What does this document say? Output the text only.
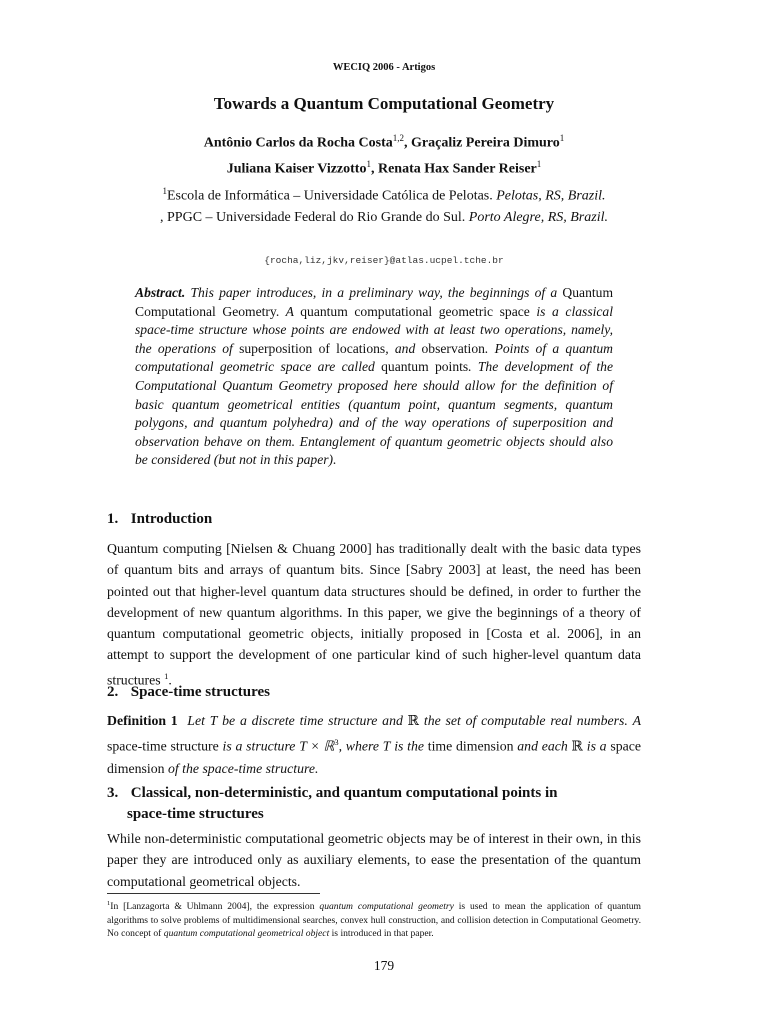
WECIQ 2006 - Artigos
Towards a Quantum Computational Geometry
Antônio Carlos da Rocha Costa$^{1,2}$, Graçaliz Pereira Dimuro$^1$
Juliana Kaiser Vizzotto$^1$, Renata Hax Sander Reiser$^1$
$^1$Escola de Informática – Universidade Católica de Pelotas. Pelotas, RS, Brazil.
, PPGC – Universidade Federal do Rio Grande do Sul. Porto Alegre, RS, Brazil.
{rocha,liz,jkv,reiser}@atlas.ucpel.tche.br
Abstract. This paper introduces, in a preliminary way, the beginnings of a Quantum Computational Geometry. A quantum computational geometric space is a classical space-time structure whose points are endowed with at least two operations, namely, the operations of superposition of locations, and observation. Points of a quantum computational geometric space are called quantum points. The development of the Computational Quantum Geometry proposed here should allow for the definition of basic quantum geometrical entities (quantum point, quantum segments, quantum polygons, and quantum polyhedra) and of the way operations of superposition and observation behave on them. Entanglement of quantum geometric objects should also be considered (but not in this paper).
1. Introduction
Quantum computing [Nielsen & Chuang 2000] has traditionally dealt with the basic data types of quantum bits and arrays of quantum bits. Since [Sabry 2003] at least, the need has been pointed out that higher-level quantum data structures should be defined, in order to further the development of new quantum algorithms. In this paper, we give the beginnings of a theory of quantum computational geometric objects, initially proposed in [Costa et al. 2006], in an attempt to support the development of one particular kind of such higher-level quantum data structures $^1$.
2. Space-time structures
Definition 1 Let T be a discrete time structure and ℝ the set of computable real numbers. A space-time structure is a structure T × ℝ$^3$, where T is the time dimension and each ℝ is a space dimension of the space-time structure.
3. Classical, non-deterministic, and quantum computational points in
space-time structures
While non-deterministic computational geometric objects may be of interest in their own, in this paper they are introduced only as auxiliary elements, to ease the presentation of the quantum computational geometrical objects.
$^1$In [Lanzagorta & Uhlmann 2004], the expression quantum computational geometry is used to mean the application of quantum algorithms to solve problems of multidimensional searches, convex hull construction, and collision detection in Computational Geometry. No concept of quantum computational geometrical object is introduced in that paper.
179
